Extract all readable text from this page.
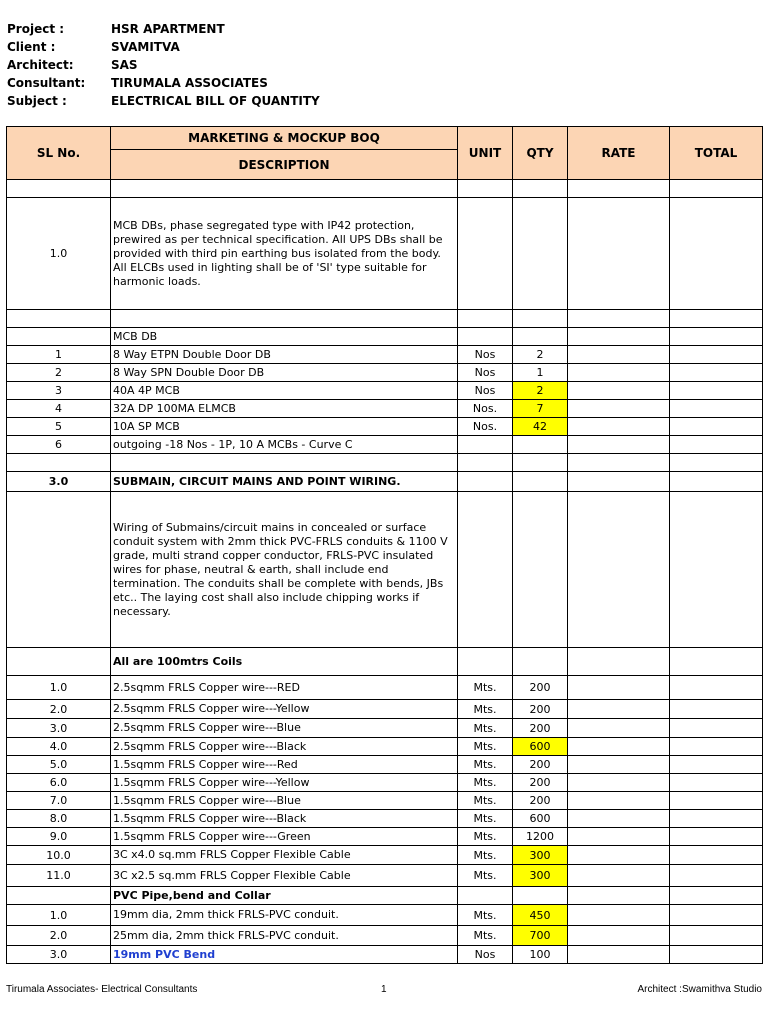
Project :	HSR APARTMENT
Client :	SVAMITVA
Architect:	SAS
Consultant:	TIRUMALA ASSOCIATES
Subject :	ELECTRICAL BILL OF QUANTITY
SL No.	MARKETING & MOCKUP BOQ	UNIT	QTY	RATE	TOTAL
	DESCRIPTION				

1.0	MCB DBs, phase segregated type with IP42 protection, prewired as per technical specification. All UPS DBs shall be provided with third pin earthing bus isolated from the body. All ELCBs used in lighting shall be of 'SI' type suitable for harmonic loads.				

	MCB DB				
1	8 Way ETPN Double Door DB	Nos	2		
2	8 Way SPN Double Door DB	Nos	1		
3	40A 4P MCB	Nos	2		
4	32A DP 100MA ELMCB	Nos.	7		
5	10A SP MCB	Nos.	42		
6	outgoing -18 Nos - 1P, 10 A MCBs - Curve C				

3.0	SUBMAIN, CIRCUIT MAINS AND POINT WIRING.				
	Wiring of Submains/circuit mains in concealed or surface conduit system with 2mm thick PVC-FRLS conduits & 1100 V grade, multi strand copper conductor, FRLS-PVC insulated wires for phase, neutral & earth, shall include end termination. The conduits shall be complete with bends, JBs etc.. The laying cost shall also include chipping works if necessary.				
	All are 100mtrs Coils				
1.0	2.5sqmm FRLS Copper wire---RED	Mts.	200		
2.0	2.5sqmm FRLS Copper wire---Yellow	Mts.	200		
3.0	2.5sqmm FRLS Copper wire---Blue	Mts.	200		
4.0	2.5sqmm FRLS Copper wire---Black	Mts.	600		
5.0	1.5sqmm FRLS Copper wire---Red	Mts.	200		
6.0	1.5sqmm FRLS Copper wire---Yellow	Mts.	200		
7.0	1.5sqmm FRLS Copper wire---Blue	Mts.	200		
8.0	1.5sqmm FRLS Copper wire---Black	Mts.	600		
9.0	1.5sqmm FRLS Copper wire---Green	Mts.	1200		
10.0	3C x4.0 sq.mm FRLS Copper Flexible Cable	Mts.	300		
11.0	3C x2.5 sq.mm FRLS Copper Flexible Cable	Mts.	300		
	PVC Pipe,bend and Collar				
1.0	19mm dia, 2mm thick FRLS-PVC conduit.	Mts.	450		
2.0	25mm dia, 2mm thick FRLS-PVC conduit.	Mts.	700		
3.0	19mm PVC Bend	Nos	100		
Tirumala Associates- Electrical Consultants	1	Architect :Swamithva Studio
